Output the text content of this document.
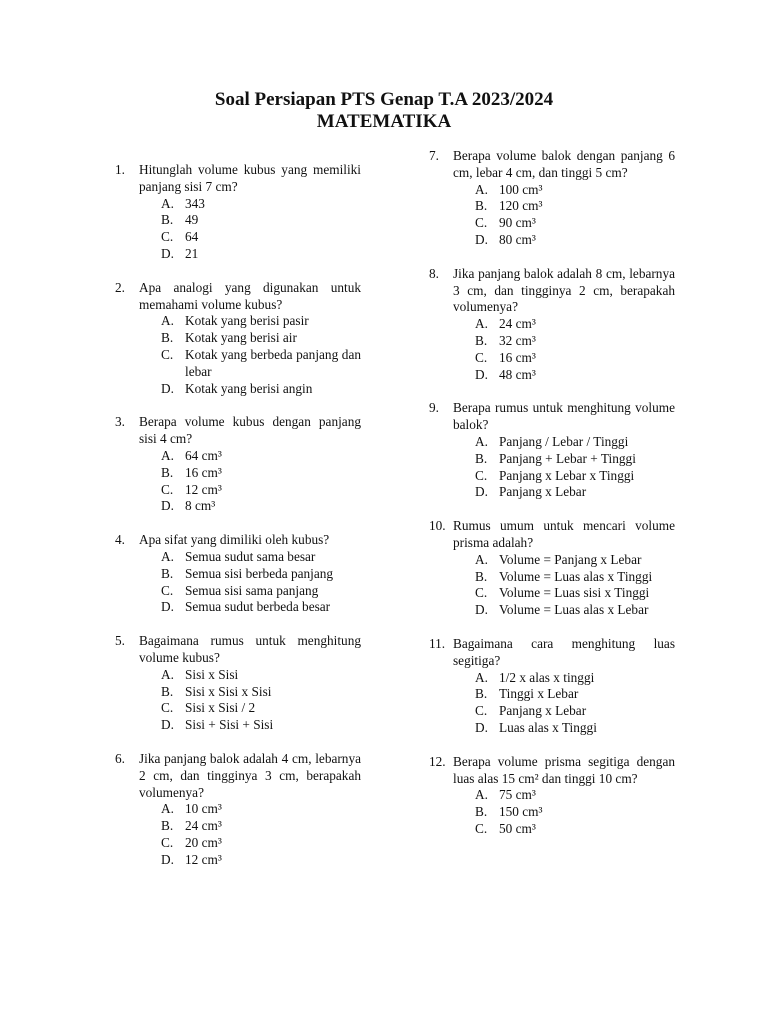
Soal Persiapan PTS Genap T.A 2023/2024
MATEMATIKA
1. Hitunglah volume kubus yang memiliki panjang sisi 7 cm?
A. 343
B. 49
C. 64
D. 21
2. Apa analogi yang digunakan untuk memahami volume kubus?
A. Kotak yang berisi pasir
B. Kotak yang berisi air
C. Kotak yang berbeda panjang dan lebar
D. Kotak yang berisi angin
3. Berapa volume kubus dengan panjang sisi 4 cm?
A. 64 cm³
B. 16 cm³
C. 12 cm³
D. 8 cm³
4. Apa sifat yang dimiliki oleh kubus?
A. Semua sudut sama besar
B. Semua sisi berbeda panjang
C. Semua sisi sama panjang
D. Semua sudut berbeda besar
5. Bagaimana rumus untuk menghitung volume kubus?
A. Sisi x Sisi
B. Sisi x Sisi x Sisi
C. Sisi x Sisi / 2
D. Sisi + Sisi + Sisi
6. Jika panjang balok adalah 4 cm, lebarnya 2 cm, dan tingginya 3 cm, berapakah volumenya?
A. 10 cm³
B. 24 cm³
C. 20 cm³
D. 12 cm³
7. Berapa volume balok dengan panjang 6 cm, lebar 4 cm, dan tinggi 5 cm?
A. 100 cm³
B. 120 cm³
C. 90 cm³
D. 80 cm³
8. Jika panjang balok adalah 8 cm, lebarnya 3 cm, dan tingginya 2 cm, berapakah volumenya?
A. 24 cm³
B. 32 cm³
C. 16 cm³
D. 48 cm³
9. Berapa rumus untuk menghitung volume balok?
A. Panjang / Lebar / Tinggi
B. Panjang + Lebar + Tinggi
C. Panjang x Lebar x Tinggi
D. Panjang x Lebar
10. Rumus umum untuk mencari volume prisma adalah?
A. Volume = Panjang x Lebar
B. Volume = Luas alas x Tinggi
C. Volume = Luas sisi x Tinggi
D. Volume = Luas alas x Lebar
11. Bagaimana cara menghitung luas segitiga?
A. 1/2 x alas x tinggi
B. Tinggi x Lebar
C. Panjang x Lebar
D. Luas alas x Tinggi
12. Berapa volume prisma segitiga dengan luas alas 15 cm² dan tinggi 10 cm?
A. 75 cm³
B. 150 cm³
C. 50 cm³
